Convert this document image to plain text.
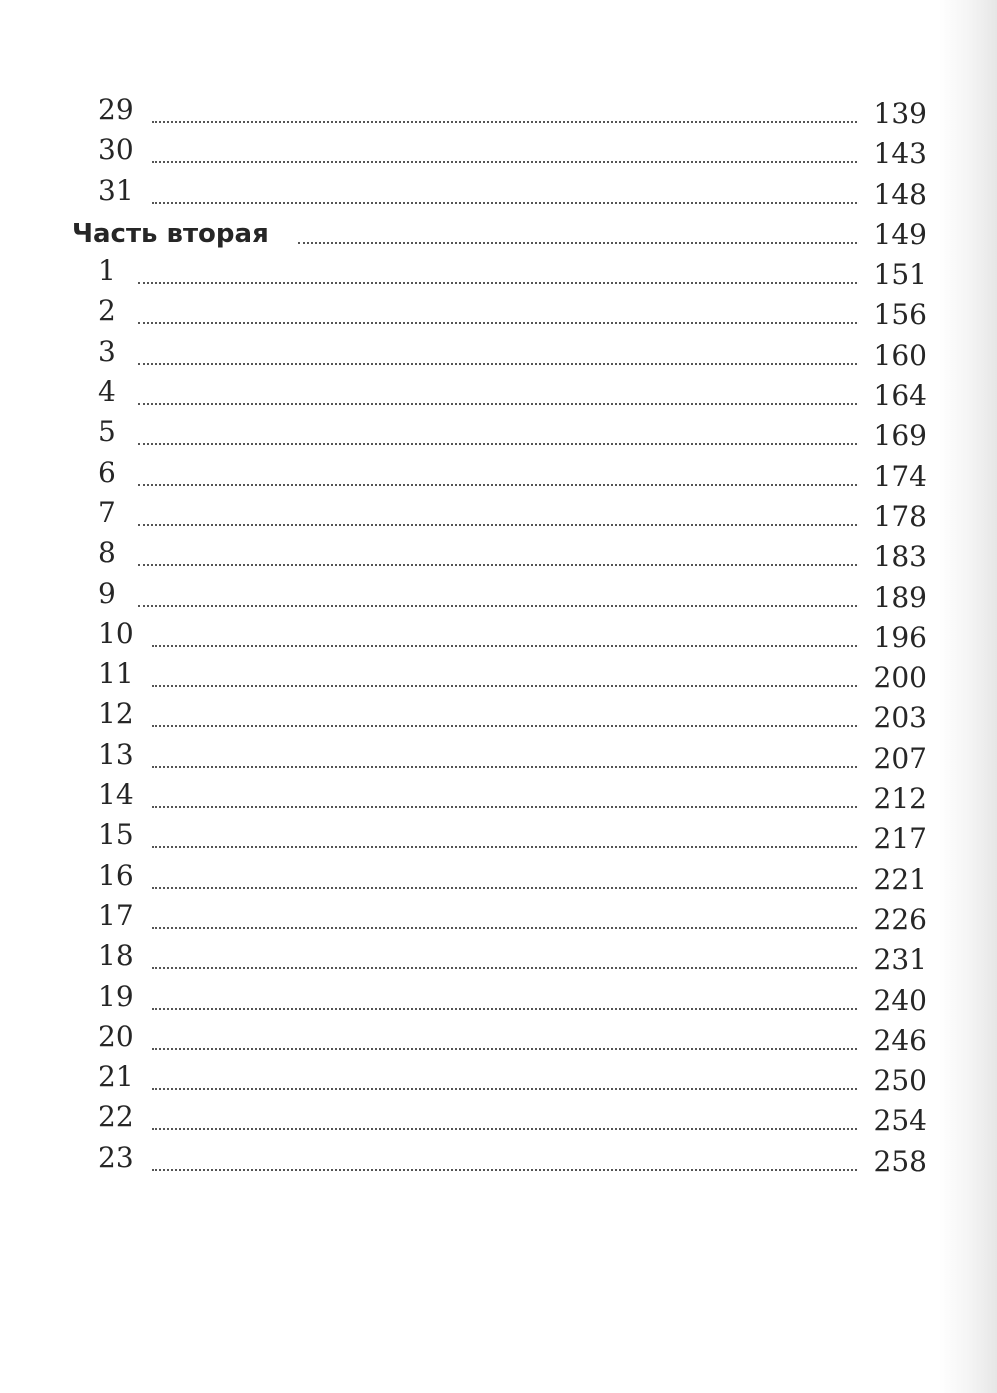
29	139
30	143
31	148
Часть вторая	149
1	151
2	156
3	160
4	164
5	169
6	174
7	178
8	183
9	189
10	196
11	200
12	203
13	207
14	212
15	217
16	221
17	226
18	231
19	240
20	246
21	250
22	254
23	258
